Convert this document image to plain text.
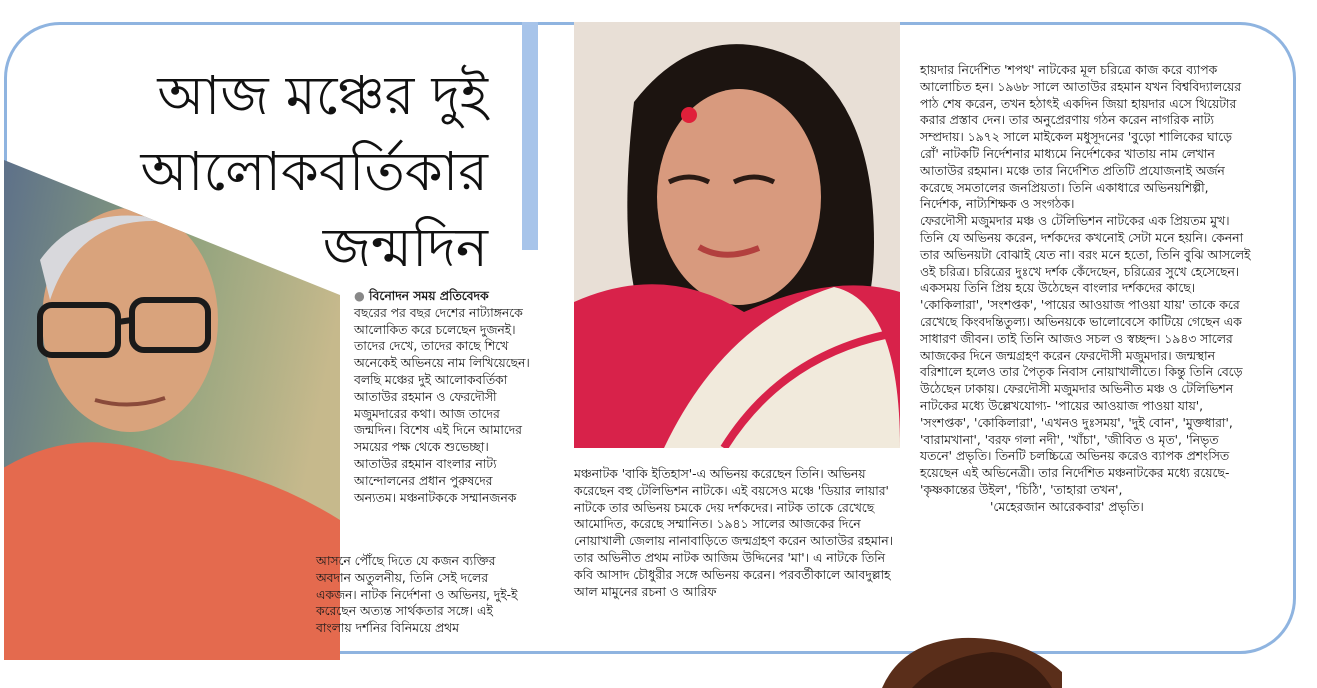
আজ মঞ্চের দুই
আলোকবর্তিকার
জন্মদিন

● বিনোদন সময় প্রতিবেদক

বছরের পর বছর দেশের নাট্যাঙ্গনকে আলোকিত করে চলেছেন দুজনই। তাদের দেখে, তাদের কাছে শিখে অনেকেই অভিনয়ে নাম লিখিয়েছেন। বলছি মঞ্চের দুই আলোকবর্তিকা আতাউর রহমান ও ফেরদৌসী মজুমদারের কথা। আজ তাদের জন্মদিন। বিশেষ এই দিনে আমাদের সময়ের পক্ষ থেকে শুভেচ্ছা।

আতাউর রহমান বাংলার নাট্য আন্দোলনের প্রধান পুরুষদের অন্যতম। মঞ্চনাটককে সম্মানজনক

আসনে পৌঁছে দিতে যে কজন ব্যক্তির অবদান অতুলনীয়, তিনি সেই দলের একজন। নাটক নির্দেশনা ও অভিনয়, দুই-ই করেছেন অত্যন্ত সার্থকতার সঙ্গে। এই বাংলায় দর্শনির বিনিময়ে প্রথম

মঞ্চনাটক 'বাকি ইতিহাস'-এ অভিনয় করেছেন তিনি। অভিনয় করেছেন বহু টেলিভিশন নাটকে। এই বয়সেও মঞ্চে 'ডিয়ার লায়ার' নাটকে তার অভিনয় চমকে দেয় দর্শকদের। নাটক তাকে রেখেছে আমোদিত, করেছে সম্মানিত। ১৯৪১ সালের আজকের দিনে নোয়াখালী জেলায় নানাবাড়িতে জন্মগ্রহণ করেন আতাউর রহমান। তার অভিনীত প্রথম নাটক আজিম উদ্দিনের 'মা'। এ নাটকে তিনি কবি আসাদ চৌধুরীর সঙ্গে অভিনয় করেন। পরবর্তীকালে আবদুল্লাহ আল মামুনের রচনা ও আরিফ

হায়দার নির্দেশিত 'শপথ' নাটকের মূল চরিত্রে কাজ করে ব্যাপক আলোচিত হন। ১৯৬৮ সালে আতাউর রহমান যখন বিশ্ববিদ্যালয়ের পাঠ শেষ করেন, তখন হঠাৎই একদিন জিয়া হায়দার এসে থিয়েটার করার প্রস্তাব দেন। তার অনুপ্রেরণায় গঠন করেন নাগরিক নাট্য সম্প্রদায়। ১৯৭২ সালে মাইকেল মধুসূদনের 'বুড়ো শালিকের ঘাড়ে রোঁ' নাটকটি নির্দেশনার মাধ্যমে নির্দেশকের খাতায় নাম লেখান আতাউর রহমান। মঞ্চে তার নির্দেশিত প্রতিটি প্রযোজনাই অর্জন করেছে সমতালের জনপ্রিয়তা। তিনি একাধারে অভিনয়শিল্পী, নির্দেশক, নাট্যশিক্ষক ও সংগঠক।

ফেরদৌসী মজুমদার মঞ্চ ও টেলিভিশন নাটকের এক প্রিয়তম মুখ। তিনি যে অভিনয় করেন, দর্শকদের কখনোই সেটা মনে হয়নি। কেননা তার অভিনয়টা বোঝাই যেত না। বরং মনে হতো, তিনি বুঝি আসলেই ওই চরিত্র। চরিত্রের দুঃখে দর্শক কেঁদেছেন, চরিত্রের সুখে হেসেছেন। একসময় তিনি প্রিয় হয়ে উঠেছেন বাংলার দর্শকদের কাছে। 'কোকিলারা', 'সংশপ্তক', 'পায়ের আওয়াজ পাওয়া যায়' তাকে করে রেখেছে কিংবদন্তিতুল্য। অভিনয়কে ভালোবেসে কাটিয়ে গেছেন এক সাধারণ জীবন। তাই তিনি আজও সচল ও স্বচ্ছন্দ। ১৯৪৩ সালের আজকের দিনে জন্মগ্রহণ করেন ফেরদৌসী মজুমদার। জন্মস্থান বরিশালে হলেও তার পৈতৃক নিবাস নোয়াখালীতে। কিন্তু তিনি বেড়ে উঠেছেন ঢাকায়। ফেরদৌসী মজুমদার অভিনীত মঞ্চ ও টেলিভিশন নাটকের মধ্যে উল্লেখযোগ্য- 'পায়ের আওয়াজ পাওয়া যায়', 'সংশপ্তক', 'কোকিলারা', 'এখনও দুঃসময়', 'দুই বোন', 'মুক্তধারা', 'বারামখানা', 'বরফ গলা নদী', 'খাঁচা', 'জীবিত ও মৃত', 'নিভৃত যতনে' প্রভৃতি। তিনটি চলচ্চিত্রে অভিনয় করেও ব্যাপক প্রশংসিত হয়েছেন এই অভিনেত্রী। তার নির্দেশিত মঞ্চনাটকের মধ্যে রয়েছে- 'কৃষ্ণকান্তের উইল', 'চিঠি', 'তাহারা তখন',

'মেহেরজান আরেকবার' প্রভৃতি।
